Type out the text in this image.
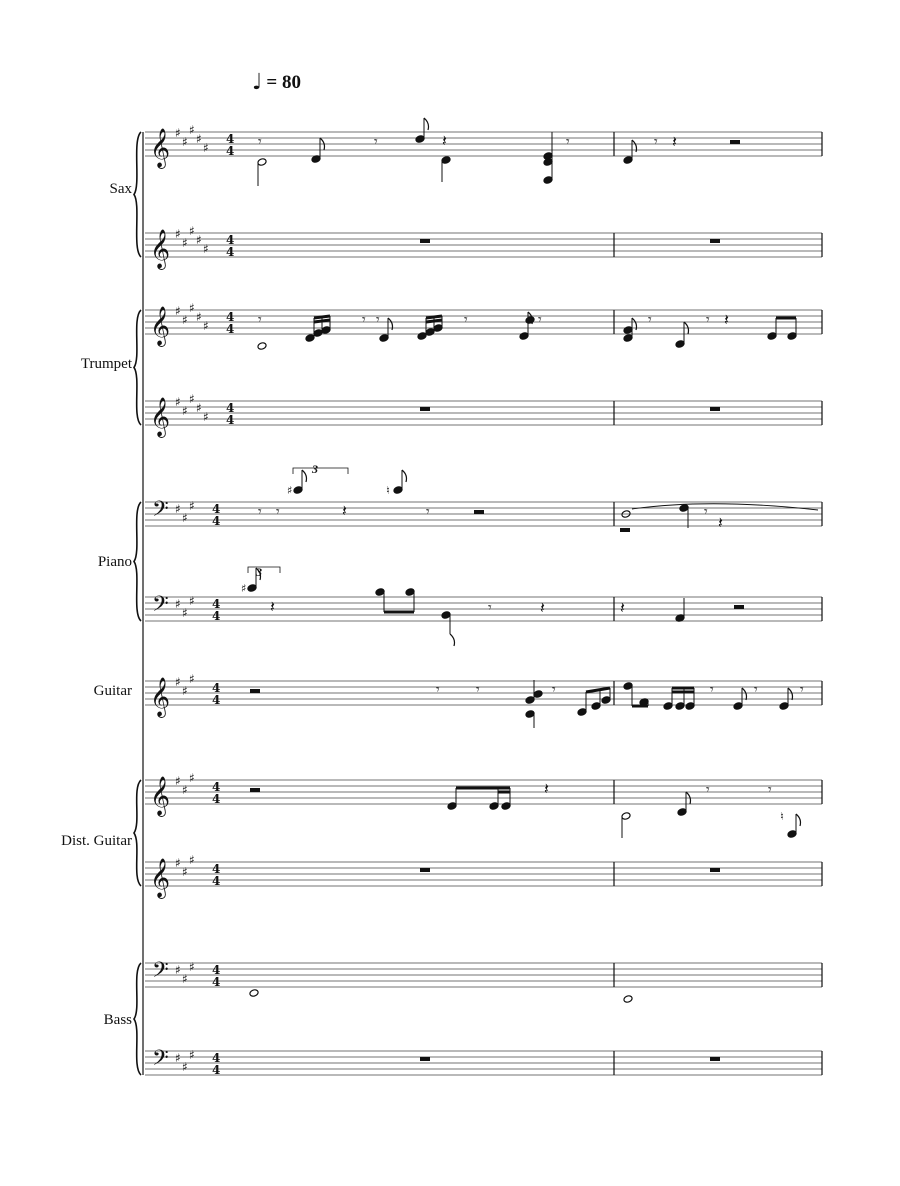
♩ = 80
𝄞 ♯
♯
♯
♯
♯
4
4
𝄞 ♯
♯
♯
♯
♯
4
4
𝄞 ♯
♯
♯
♯
♯
4
4
𝄞 ♯
♯
♯
♯
♯
4
4
𝄢 ♯
♯
♯ 4
4
𝄢 ♯
♯
♯ 4
4
𝄞 ♯
♯
♯
4
4
𝄞 ♯
♯
♯
4
4
𝄞 ♯
♯
♯
4
4
𝄢 ♯
♯
♯ 4
4
𝄢 ♯
♯
♯ 4
4
𝄾	𝄾	𝄽	𝄾	𝄾 𝄽
𝄾	𝄾 𝄾	𝄾	𝄾	𝄾	𝄾 𝄽
𝄾 𝄾
♯
𝄽
♮
𝄾	𝄾
𝄽
♯
𝄽	𝄾	𝄽	𝄽
𝄾	𝄾	𝄾	𝄾	𝄾	𝄾
𝄽	𝄾	𝄾
♮
Sax
Trumpet
Piano
Guitar
Dist. Guitar
Bass
3
3
